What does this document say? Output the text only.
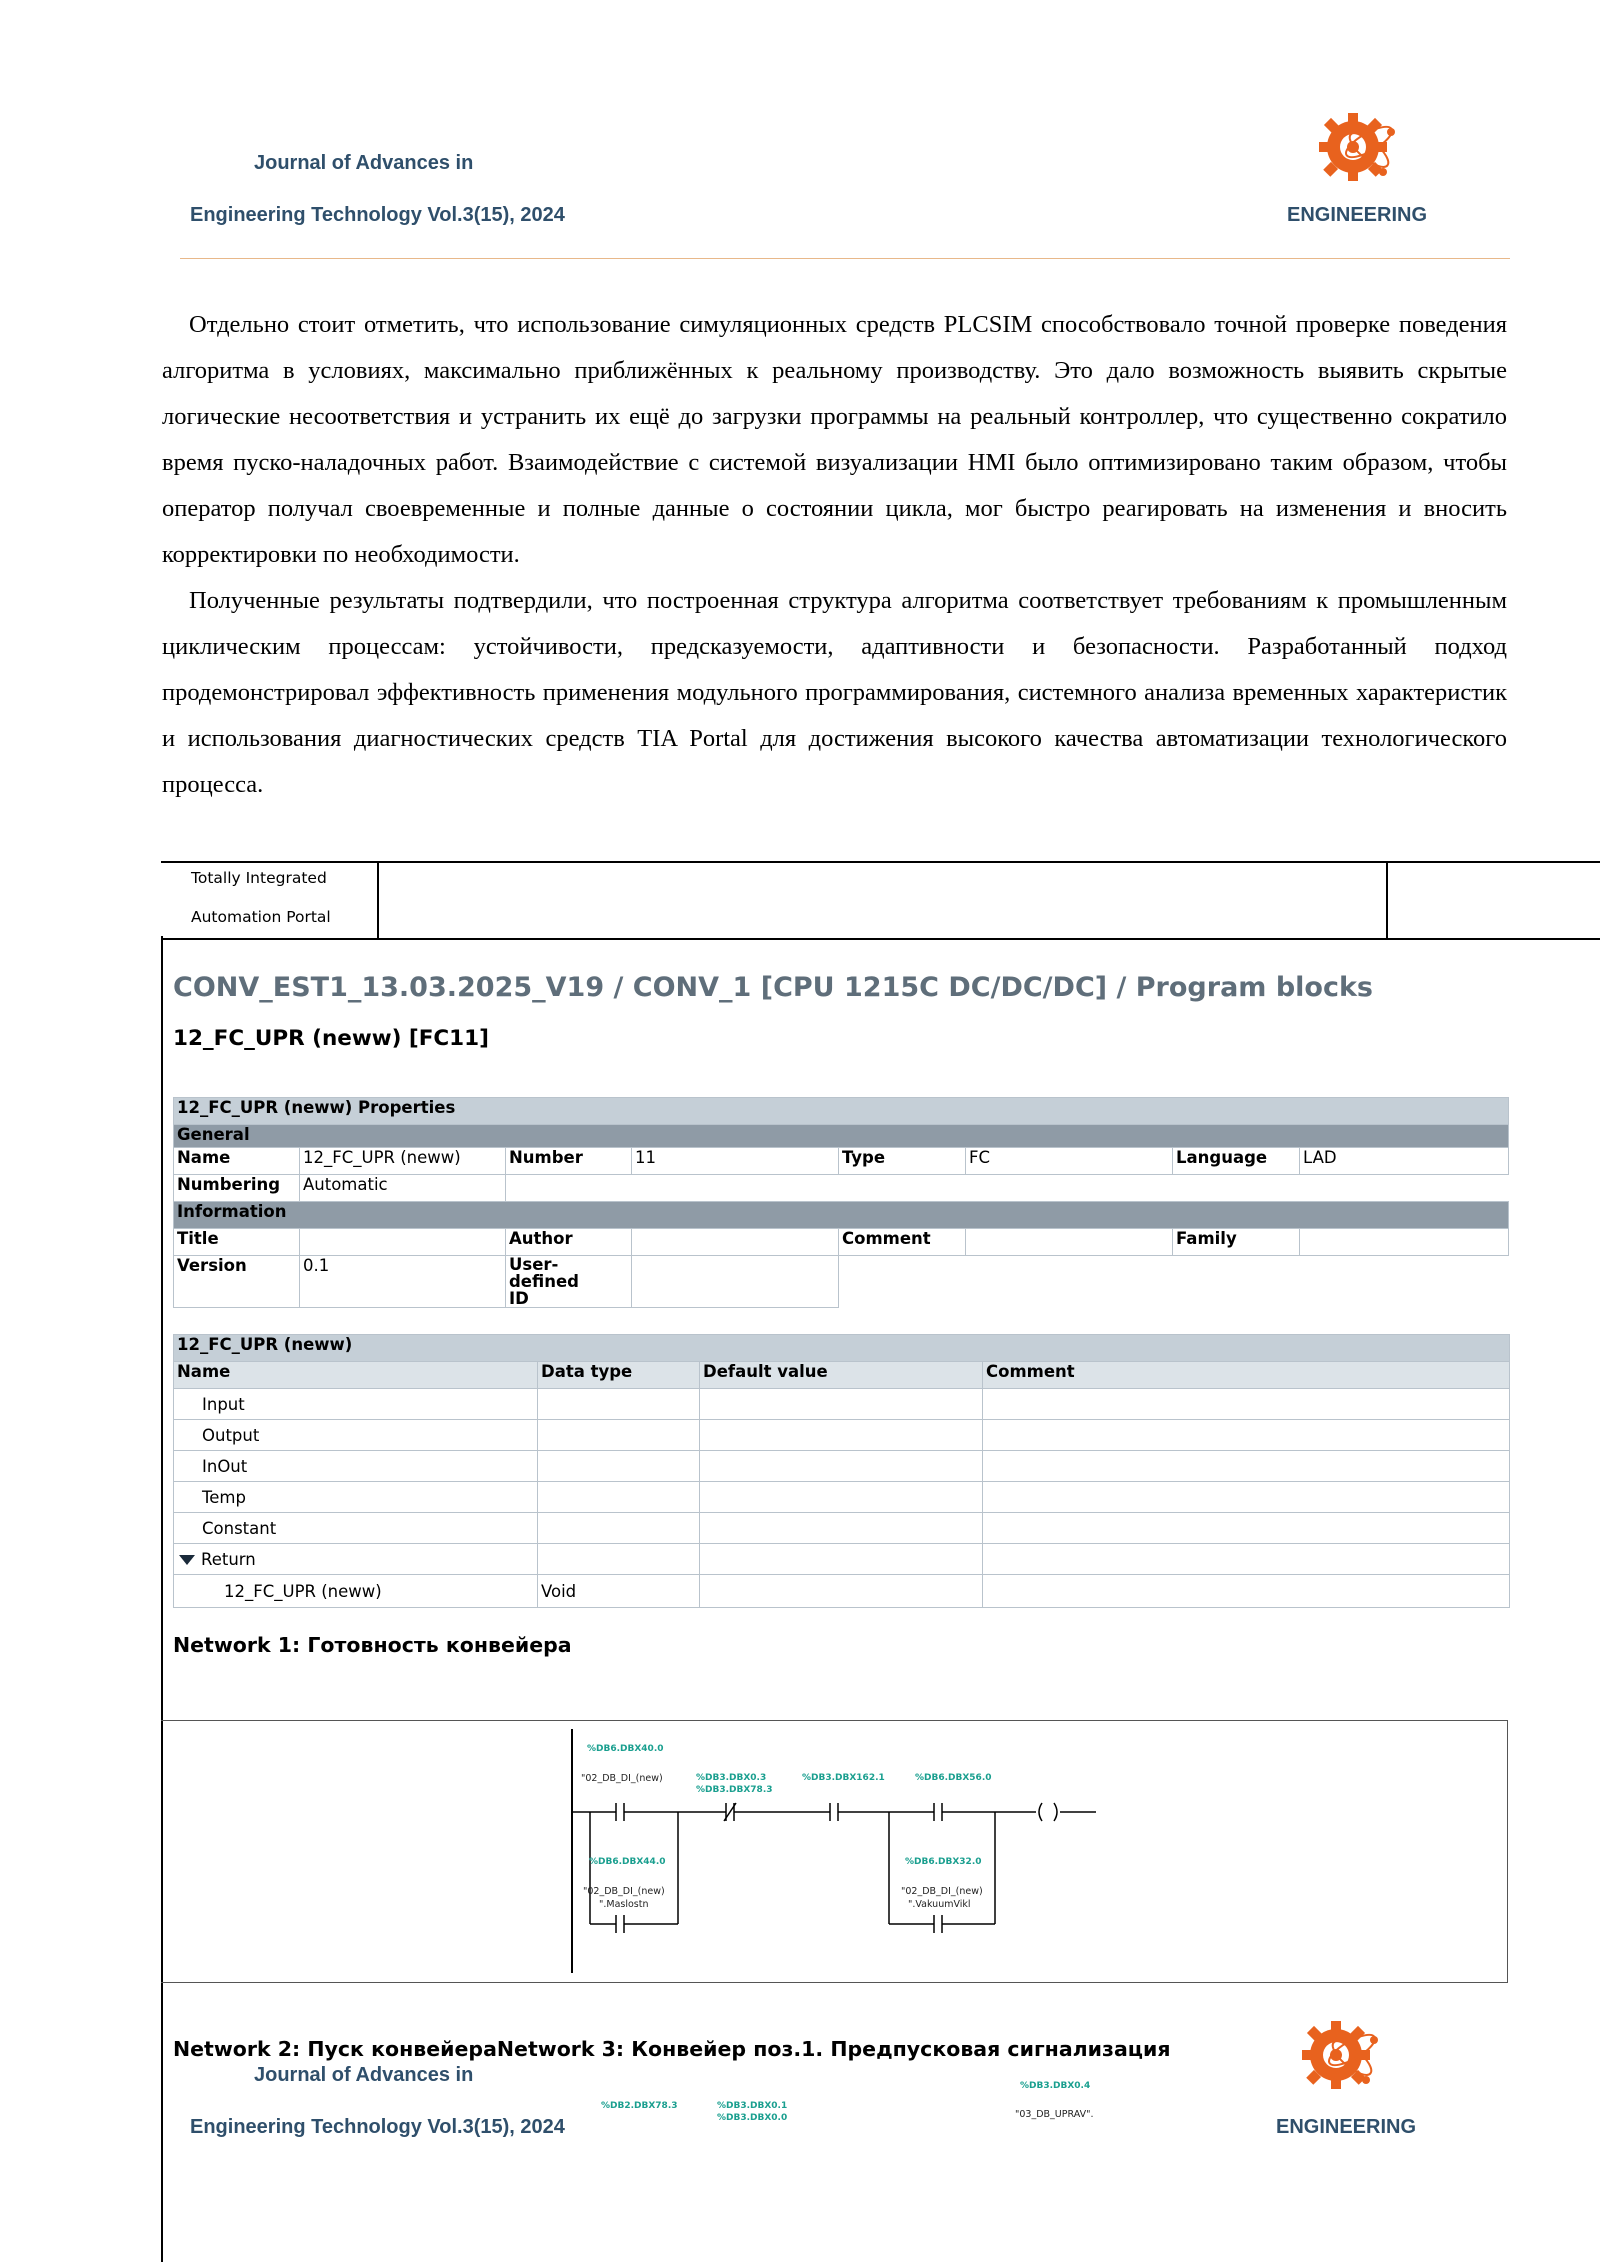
Journal of Advances in
Engineering Technology Vol.3(15), 2024	ENGINEERING

Отдельно стоит отметить, что использование симуляционных средств PLCSIM способствовало точной проверке поведения алгоритма в условиях, максимально приближённых к реальному производству. Это дало возможность выявить скрытые логические несоответствия и устранить их ещё до загрузки программы на реальный контроллер, что существенно сократило время пуско-наладочных работ. Взаимодействие с системой визуализации HMI было оптимизировано таким образом, чтобы оператор получал своевременные и полные данные о состоянии цикла, мог быстро реагировать на изменения и вносить корректировки по необходимости.

Полученные результаты подтвердили, что построенная структура алгоритма соответствует требованиям к промышленным циклическим процессам: устойчивости, предсказуемости, адаптивности и безопасности. Разработанный подход продемонстрировал эффективность применения модульного программирования, системного анализа временных характеристик и использования диагностических средств TIA Portal для достижения высокого качества автоматизации технологического процесса.

Totally Integrated
Automation Portal
CONV_EST1_13.03.2025_V19 / CONV_1 [CPU 1215C DC/DC/DC] / Program blocks
12_FC_UPR (neww) [FC11]
12_FC_UPR (neww) Properties							
General							
Name	12_FC_UPR (neww)	Number	11	Type	FC	Language	LAD
Numbering	Automatic						
Information							
Title		Author		Comment		Family	
Version	0.1	User-defined
ID					
12_FC_UPR (neww)			
Name	Data type	Default value	Comment
Input			
Output			
InOut			
Temp			
Constant			
Return			
12_FC_UPR (neww)	Void		
Network 1: Готовность конвейера
%DB6.DBX40.0
"02_DB_DI_(new)	%DB3.DBX0.3
%DB3.DBX78.3
%DB3.DBX162.1	%DB6.DBX56.0
%DB6.DBX44.0
"02_DB_DI_(new)
".Maslostn
%DB6.DBX32.0
"02_DB_DI_(new)
".VakuumVikl
Network 2: Пуск конвейераNetwork 3: Конвейер поз.1. Предпусковая сигнализация
Journal of Advances in
Engineering Technology Vol.3(15), 2024	ENGINEERING
%DB2.DBX78.3	%DB3.DBX0.1
%DB3.DBX0.0
%DB3.DBX0.4
"03_DB_UPRAV".
